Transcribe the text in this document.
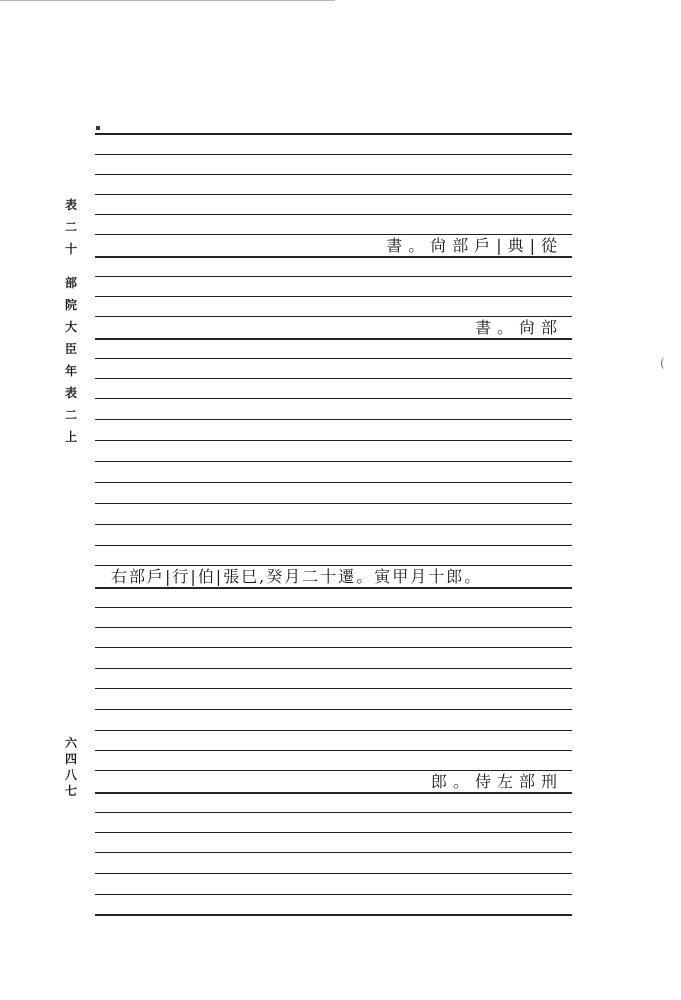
表
二
十
部
院
大
臣
年
表
二
上
六
四
八
七
書。尙部戶|典|從
書。尙部
右部戶|行|伯|張巳,癸月二十遷。寅甲月十郎。
郎。侍左部刑
(
